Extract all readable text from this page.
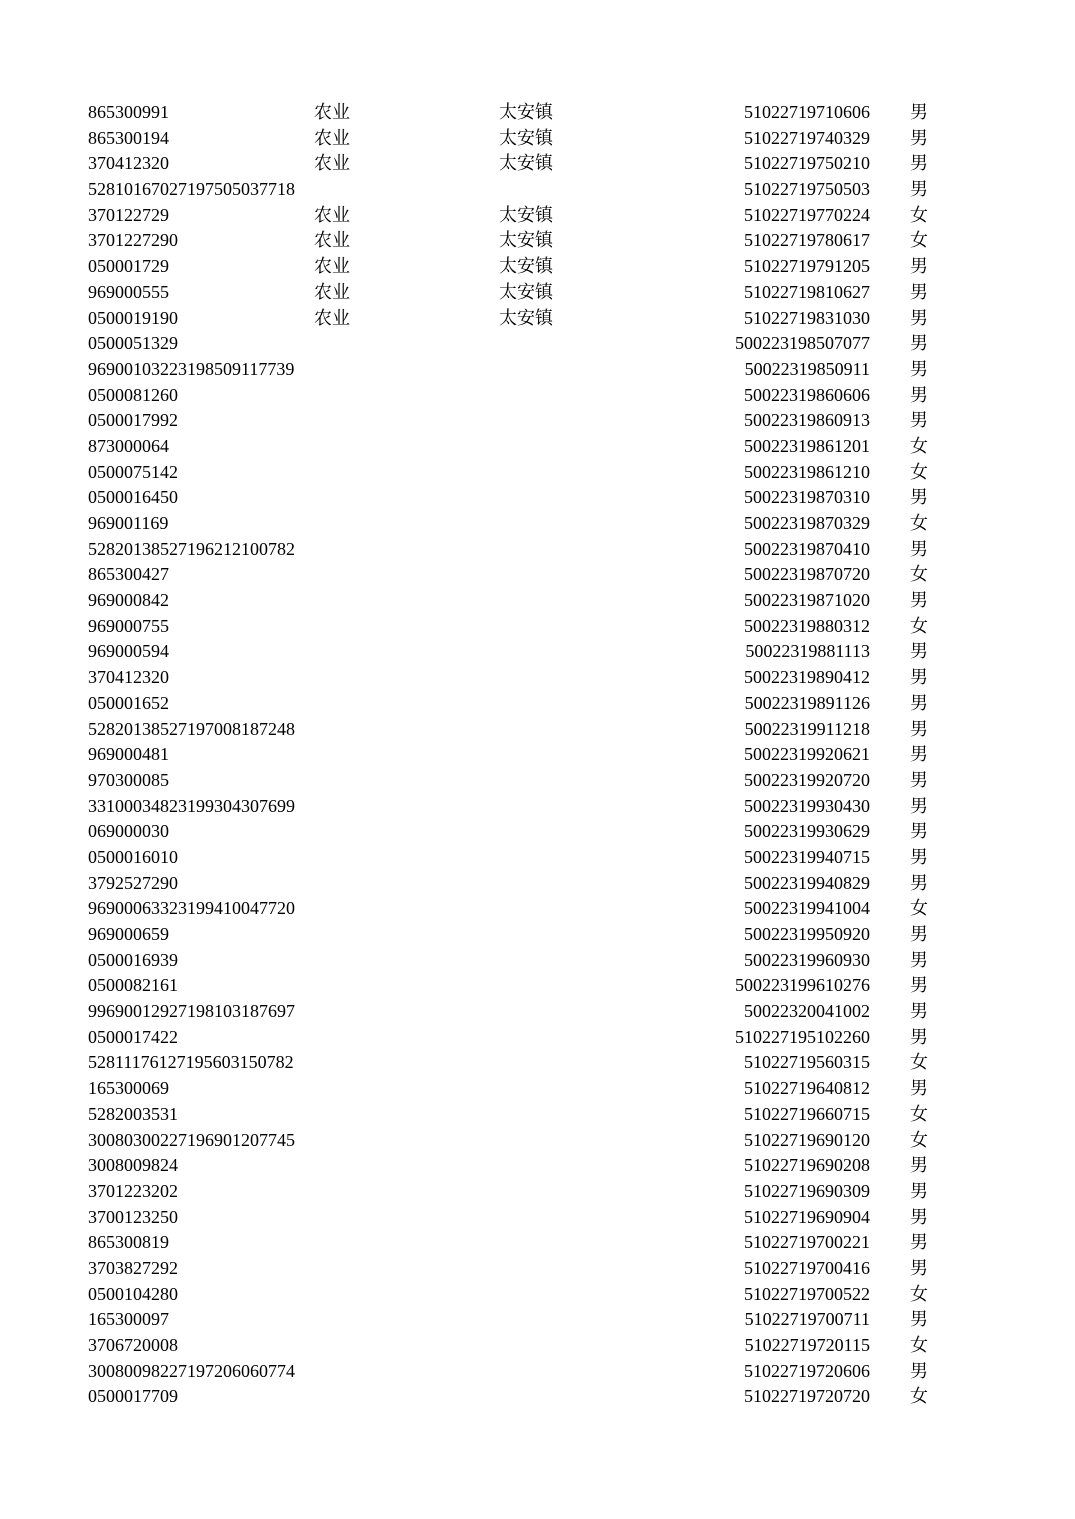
865300991	农业	太安镇	51022719710606 男
865300194	农业	太安镇	51022719740329 男
370412320	农业	太安镇	51022719750210 男
5281016702719750503771​8	51022719750503 男
370122729	农业	太安镇	51022719770224 女
3701227290	农业	太安镇	51022719780617 女
050001729	农业	太安镇	51022719791205 男
969000555	农业	太安镇	51022719810627 男
0500019190	农业	太安镇	51022719831030 男
0500051329	500223198507077 男
9690010322319850911773​9	50022319850911 男
0500081260	50022319860606 男
0500017992	50022319860913 男
873000064	50022319861201 女
0500075142	50022319861210 女
0500016450	50022319870310 男
969001169	50022319870329 女
5282013852719621210078​2	50022319870410 男
865300427	50022319870720 女
969000842	50022319871020 男
969000755	50022319880312 女
969000594	50022319881113 男
370412320	50022319890412 男
050001652	50022319891126 男
5282013852719700818724​8	50022319911218 男
969000481	50022319920621 男
970300085	50022319920720 男
3310003482319930430769​9	50022319930430 男
069000030	50022319930629 男
0500016010	50022319940715 男
3792527290	50022319940829 男
9690006332319941004772​0	50022319941004 女
969000659	50022319950920 男
0500016939	50022319960930 男
0500082161	500223199610276 男
9969001292719810318769​7	50022320041002 男
0500017422	510227195102260 男
5281117612719560315078​2	51022719560315 女
165300069	51022719640812 男
5282003531	51022719660715 女
3008030022719690120774​5	51022719690120 女
3008009824	51022719690208 男
3701223202	51022719690309 男
3700123250	51022719690904 男
865300819	51022719700221 男
3703827292	51022719700416 男
0500104280	51022719700522 女
165300097	51022719700711 男
3706720008	51022719720115 女
3008009822719720606077​4	51022719720606 男
0500017709	51022719720720 女
